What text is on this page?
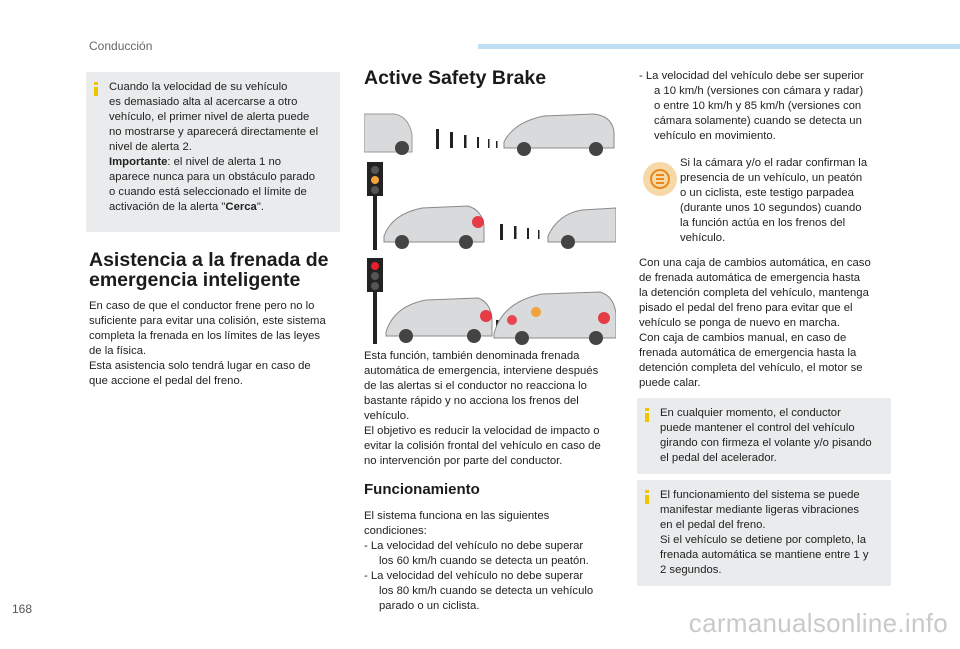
Conducción

Cuando la velocidad de su vehículo

es demasiado alta al acercarse a otro

vehículo, el primer nivel de alerta puede

no mostrarse y aparecerá directamente el

nivel de alerta 2.

Importante: el nivel de alerta 1 no

aparece nunca para un obstáculo parado

o cuando está seleccionado el límite de

activación de la alerta "Cerca".

Asistencia a la frenada de
emergencia inteligente

En caso de que el conductor frene pero no lo

suficiente para evitar una colisión, este sistema

completa la frenada en los límites de las leyes

de la física.

Esta asistencia solo tendrá lugar en caso de

que accione el pedal del freno.

Active Safety Brake

Esta función, también denominada frenada

automática de emergencia, interviene después

de las alertas si el conductor no reacciona lo

bastante rápido y no acciona los frenos del

vehículo.

El objetivo es reducir la velocidad de impacto o

evitar la colisión frontal del vehículo en caso de

no intervención por parte del conductor.

Funcionamiento

El sistema funciona en las siguientes

condiciones:

- La velocidad del vehículo no debe superar

los 60 km/h cuando se detecta un peatón.

- La velocidad del vehículo no debe superar

los 80 km/h cuando se detecta un vehículo

parado o un ciclista.

- La velocidad del vehículo debe ser superior

a 10 km/h (versiones con cámara y radar)

o entre 10 km/h y 85 km/h (versiones con

cámara solamente) cuando se detecta un

vehículo en movimiento.

Si la cámara y/o el radar confirman la

presencia de un vehículo, un peatón

o un ciclista, este testigo parpadea

(durante unos 10 segundos) cuando

la función actúa en los frenos del

vehículo.

Con una caja de cambios automática, en caso

de frenada automática de emergencia hasta

la detención completa del vehículo, mantenga

pisado el pedal del freno para evitar que el

vehículo se ponga de nuevo en marcha.

Con caja de cambios manual, en caso de

frenada automática de emergencia hasta la

detención completa del vehículo, el motor se

puede calar.

En cualquier momento, el conductor

puede mantener el control del vehículo

girando con firmeza el volante y/o pisando

el pedal del acelerador.

El funcionamiento del sistema se puede

manifestar mediante ligeras vibraciones

en el pedal del freno.

Si el vehículo se detiene por completo, la

frenada automática se mantiene entre 1 y

2 segundos.

168	carmanualsonline.info
